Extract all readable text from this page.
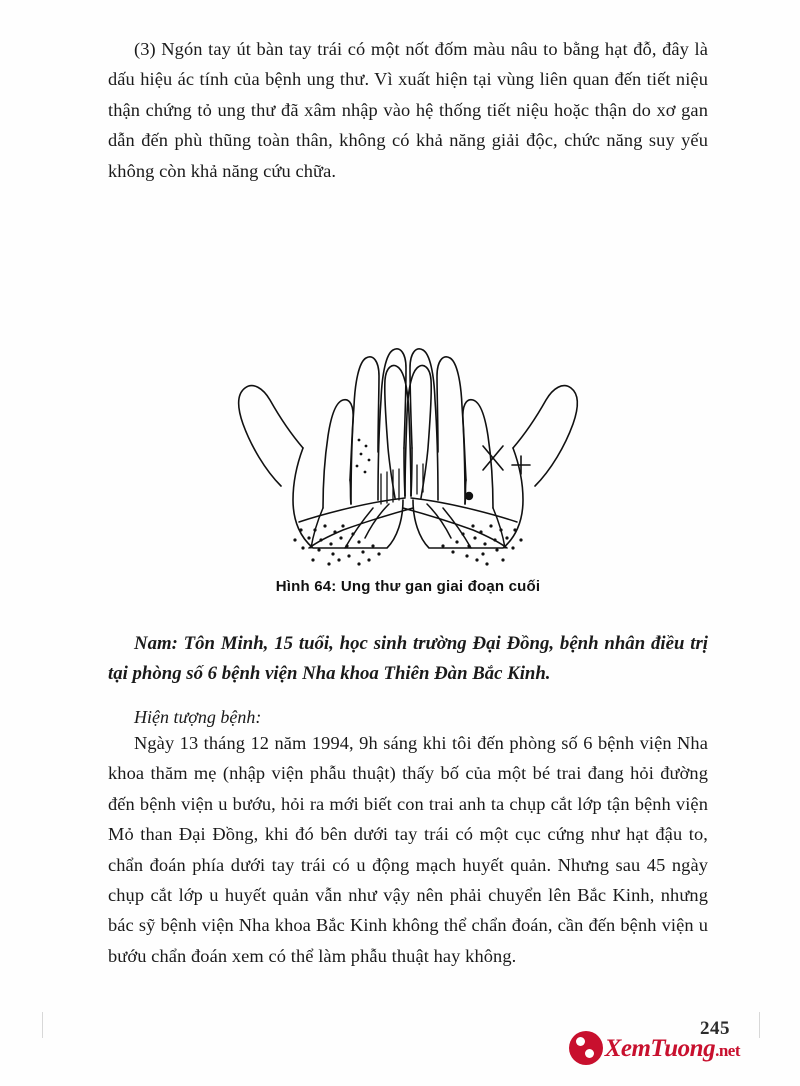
(3) Ngón tay út bàn tay trái có một nốt đốm màu nâu to bằng hạt đỗ, đây là dấu hiệu ác tính của bệnh ung thư. Vì xuất hiện tại vùng liên quan đến tiết niệu thận chứng tỏ ung thư đã xâm nhập vào hệ thống tiết niệu hoặc thận do xơ gan dẫn đến phù thũng toàn thân, không có khả năng giải độc, chức năng suy yếu không còn khả năng cứu chữa.

Hình 64: Ung thư gan giai đoạn cuối
Nam: Tôn Minh, 15 tuổi, học sinh trường Đại Đồng, bệnh nhân điều trị tại phòng số 6 bệnh viện Nha khoa Thiên Đàn Bắc Kinh.
Hiện tượng bệnh:

Ngày 13 tháng 12 năm 1994, 9h sáng khi tôi đến phòng số 6 bệnh viện Nha khoa thăm mẹ (nhập viện phẫu thuật) thấy bố của một bé trai đang hỏi đường đến bệnh viện u bướu, hỏi ra mới biết con trai anh ta chụp cắt lớp tận bệnh viện Mỏ than Đại Đồng, khi đó bên dưới tay trái có một cục cứng như hạt đậu to, chẩn đoán phía dưới tay trái có u động mạch huyết quản. Nhưng sau 45 ngày chụp cắt lớp u huyết quản vẫn như vậy nên phải chuyển lên Bắc Kinh, nhưng bác sỹ bệnh viện Nha khoa Bắc Kinh không thể chẩn đoán, cần đến bệnh viện u bướu chẩn đoán xem có thể làm phẫu thuật hay không.

245
XemTuong.net
